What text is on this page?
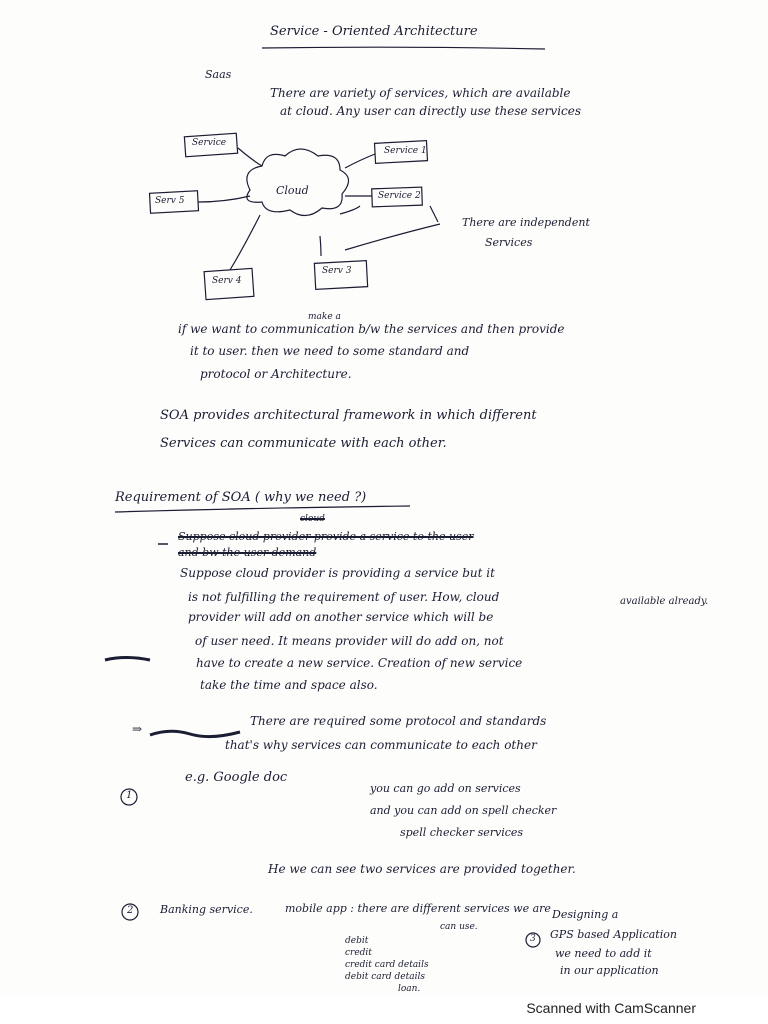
Service - Oriented Architecture
Saas
There are variety of services, which are available
at cloud. Any user can directly use these services
Cloud
Service
Service 1
Service 2
Serv 3
Serv 4
Serv 5
There are independent
Services
make a
if we want to communication b/w the services and then provide
it to user. then we need to some standard and
protocol or Architecture.
SOA provides architectural framework in which different
Services can communicate with each other.
Requirement of SOA ( why we need ?)
cloud
Suppose cloud provider provide a service to the user
and bw the user demand
Suppose cloud provider is providing a service but it
is not fulfilling the requirement of user. How, cloud
provider will add on another service which will be
available already.
of user need. It means provider will do add on, not
have to create a new service. Creation of new service
take the time and space also.
⇒
There are required some protocol and standards
that's why services can communicate to each other
1
e.g. Google doc
you can go add on services
and you can add on spell checker
spell checker services
He we can see two services are provided together.
2 Banking service.	mobile app : there are different services we are
can use.
debit
credit
credit card details
debit card details
loan.
3
Designing a
GPS based Application
we need to add it
in our application
Scanned with CamScanner
